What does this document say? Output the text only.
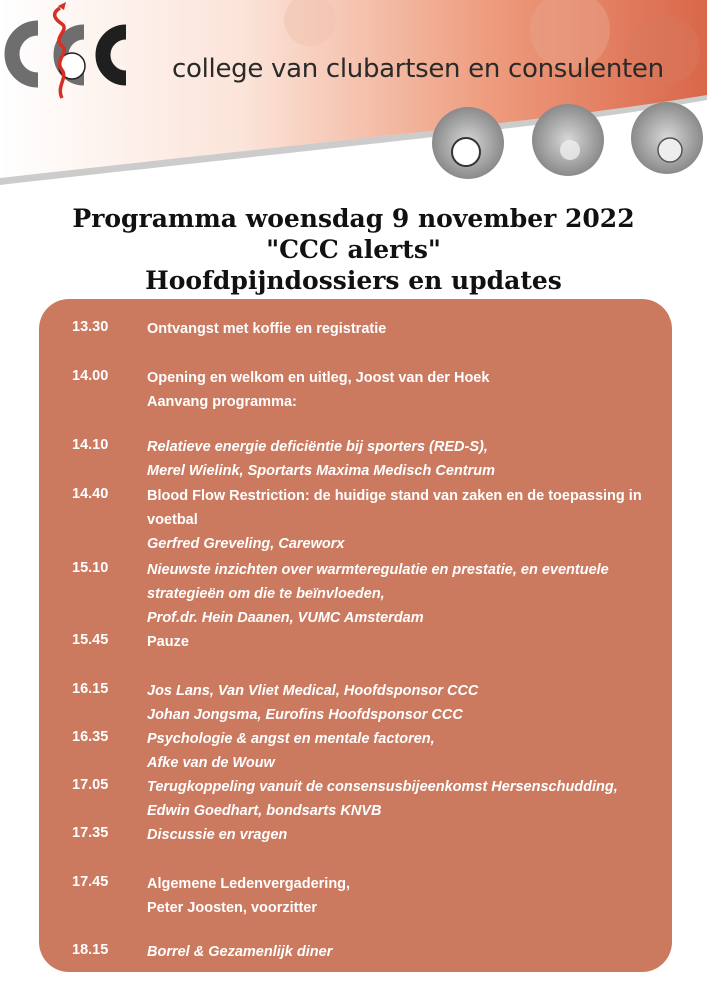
college van clubartsen en consulenten
Programma woensdag 9 november 2022
"CCC alerts"
Hoofdpijndossiers en updates
13.30	Ontvangst met koffie en registratie
14.00	Opening en welkom en uitleg, Joost van der Hoek
Aanvang programma:
14.10	Relatieve energie deficiëntie bij sporters (RED-S),
Merel Wielink, Sportarts Maxima Medisch Centrum
14.40	Blood Flow Restriction: de huidige stand van zaken en de toepassing in
voetbal
Gerfred Greveling, Careworx
15.10	Nieuwste inzichten over warmteregulatie en prestatie, en eventuele
strategieën om die te beïnvloeden,
Prof.dr. Hein Daanen, VUMC Amsterdam
15.45	Pauze
16.15	Jos Lans, Van Vliet Medical, Hoofdsponsor CCC
Johan Jongsma, Eurofins Hoofdsponsor CCC
16.35	Psychologie & angst en mentale factoren,
Afke van de Wouw
17.05	Terugkoppeling vanuit de consensusbijeenkomst Hersenschudding,
Edwin Goedhart, bondsarts KNVB
17.35	Discussie en vragen
17.45	Algemene Ledenvergadering,
Peter Joosten, voorzitter
18.15	Borrel & Gezamenlijk diner
